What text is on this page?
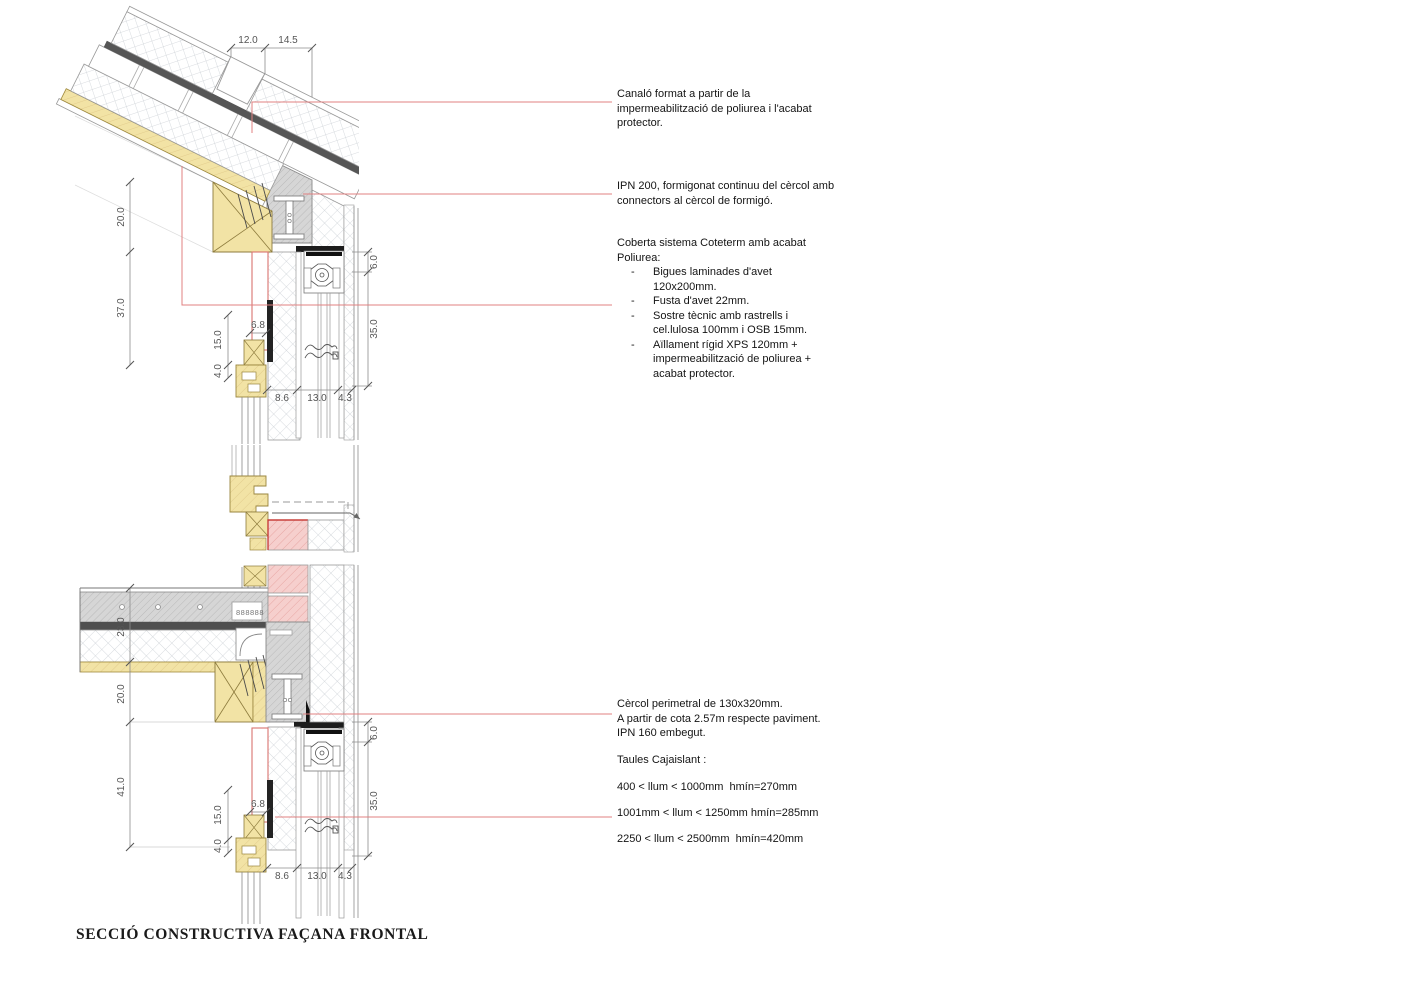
12.0 14.5
20.0
37.0
6.0
35.0
15.0
4.0
6.8
8.6 13.0 4.3
888888
23.0
20.0
41.0
6.0
35.0
15.0
4.0
6.8
8.6 13.0 4.3
Canaló format a partir de la impermeabilització de poliurea i l'acabat protector.
IPN 200, formigonat continuu del cèrcol amb connectors al cèrcol de formigó.
Coberta sistema Coteterm amb acabat Poliurea:
-	Bigues laminades d'avet 120x200mm.
-	Fusta d'avet 22mm.
-	Sostre tècnic amb rastrells i cel.lulosa 100mm i OSB 15mm.
-	Aïllament rígid XPS 120mm + impermeabilització de poliurea + acabat protector.
Cèrcol perimetral de 130x320mm.
A partir de cota 2.57m respecte paviment.
IPN 160 embegut.
Taules Cajaislant :
400 < llum < 1000mm  hmín=270mm
1001mm < llum < 1250mm hmín=285mm
2250 < llum < 2500mm  hmín=420mm
SECCIÓ CONSTRUCTIVA FAÇANA FRONTAL
